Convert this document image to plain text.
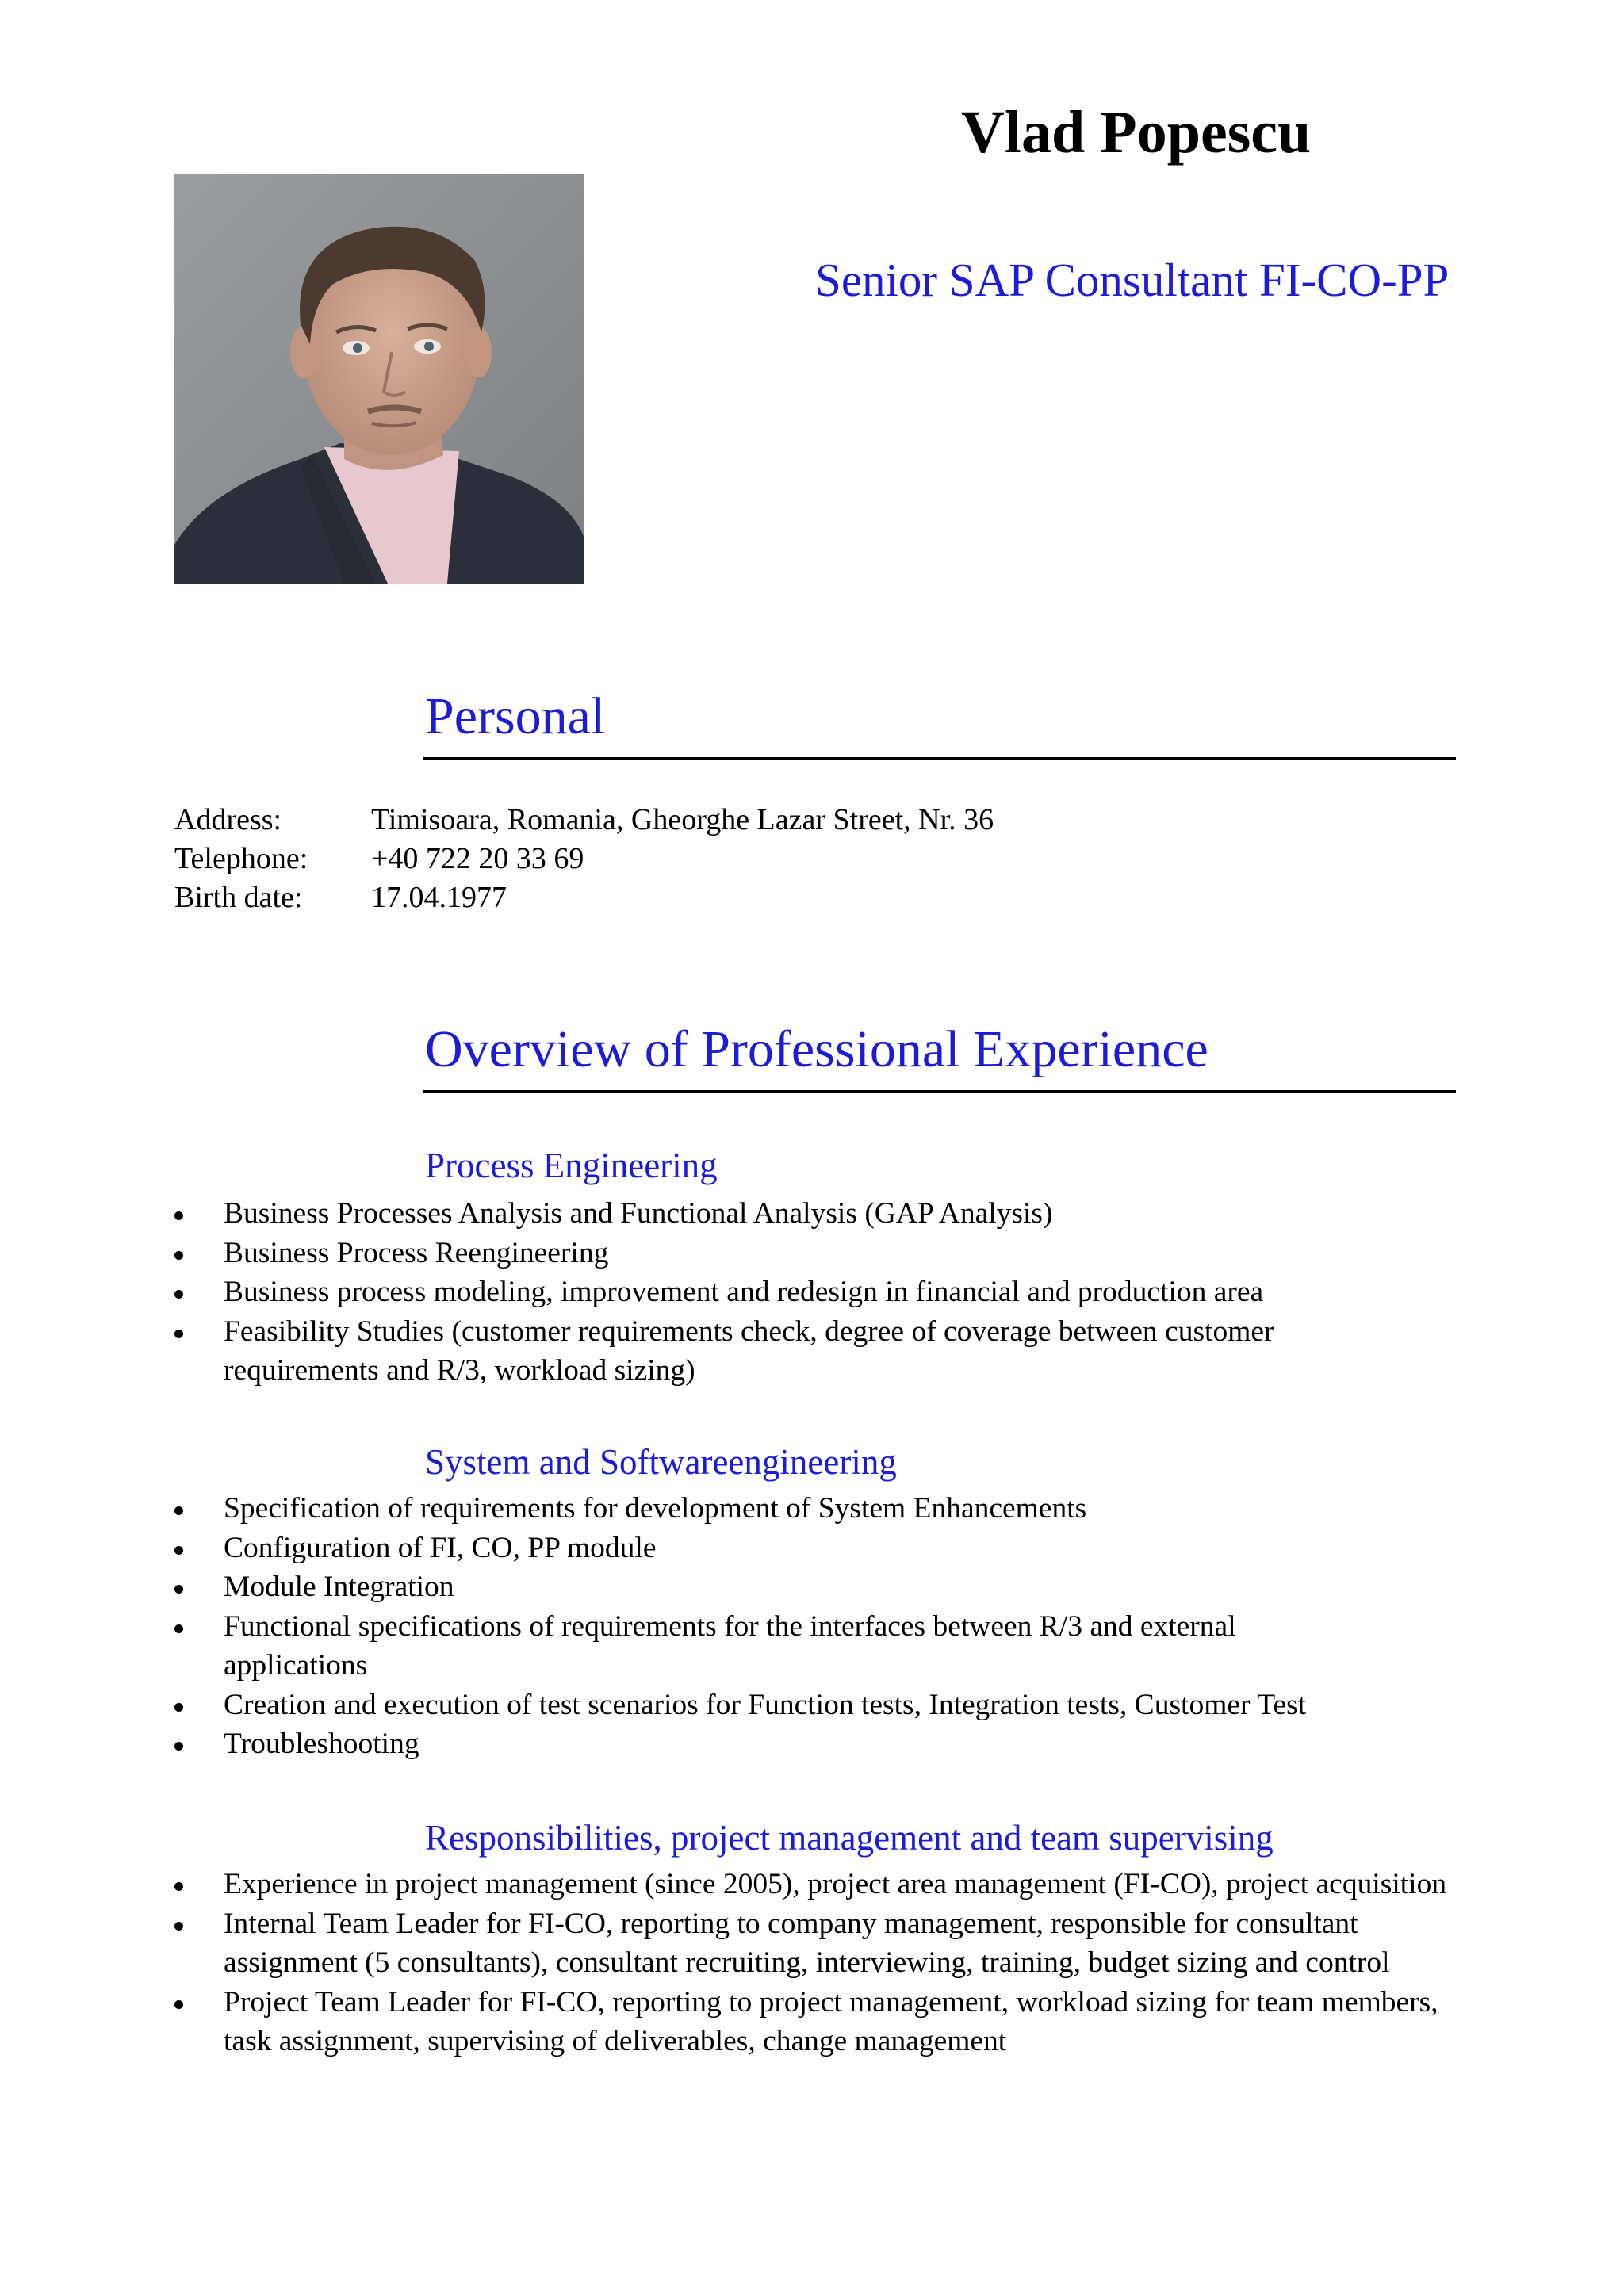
Vlad Popescu
Senior SAP Consultant FI-CO-PP
Personal
Address:	Timisoara, Romania, Gheorghe Lazar Street, Nr. 36
Telephone:	+40 722 20 33 69
Birth date:	17.04.1977
Overview of Professional Experience
Process Engineering
Business Processes Analysis and Functional Analysis (GAP Analysis)
Business Process Reengineering
Business process modeling, improvement and redesign in financial and production area
Feasibility Studies (customer requirements check, degree of coverage between customer requirements and R/3, workload sizing)
System and Softwareengineering
Specification of requirements for development of System Enhancements
Configuration of FI, CO, PP module
Module Integration
Functional specifications of requirements for the interfaces between R/3 and external applications
Creation and execution of test scenarios for Function tests, Integration tests, Customer Test
Troubleshooting
Responsibilities, project management and team supervising
Experience in project management (since 2005), project area management (FI-CO), project acquisition
Internal Team Leader for FI-CO, reporting to company management, responsible for consultant assignment (5 consultants), consultant recruiting, interviewing, training, budget sizing and control
Project Team Leader for FI-CO, reporting to project management, workload sizing for team members, task assignment, supervising of deliverables, change management
